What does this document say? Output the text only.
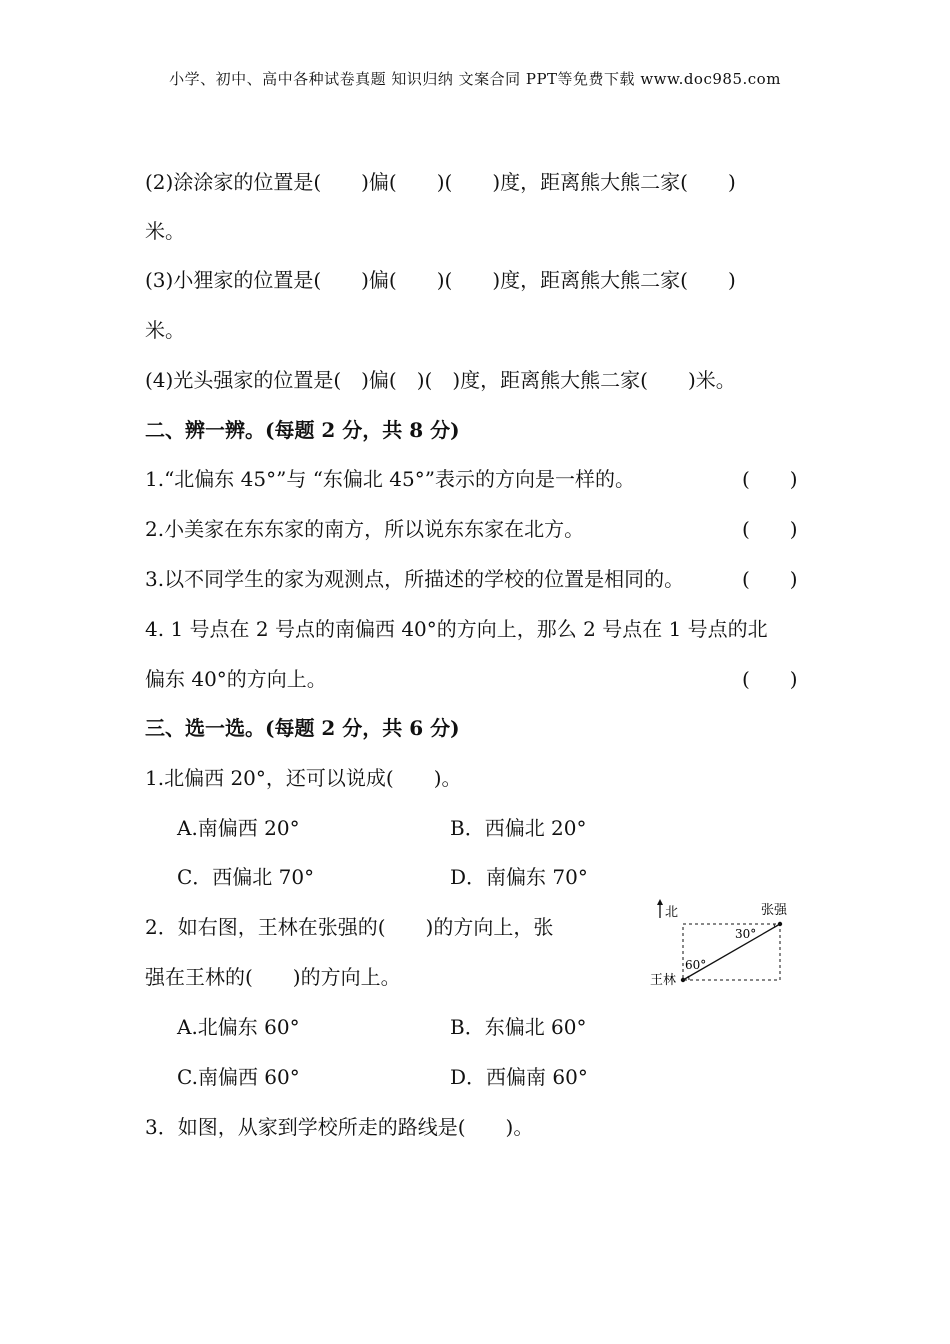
小学、初中、高中各种试卷真题 知识归纳 文案合同 PPT等免费下载 www.doc985.com
(2)涂涂家的位置是(　　)偏(　　)(　　)度，距离熊大熊二家(　　)
米。
(3)小狸家的位置是(　　)偏(　　)(　　)度，距离熊大熊二家(　　)
米。
(4)光头强家的位置是(　)偏(　)(　)度，距离熊大熊二家(　　)米。
二、辨一辨。(每题 2 分，共 8 分)
1.“北偏东 45°”与 “东偏北 45°”表示的方向是一样的。	(　　)
2.小美家在东东家的南方，所以说东东家在北方。	(　　)
3.以不同学生的家为观测点，所描述的学校的位置是相同的。	(　　)
4. 1 号点在 2 号点的南偏西 40°的方向上，那么 2 号点在 1 号点的北
偏东 40°的方向上。	(　　)
三、选一选。(每题 2 分，共 6 分)
1.北偏西 20°，还可以说成(　　)。
A.南偏西 20°	B．西偏北 20°
C．西偏北 70°	D．南偏东 70°
2．如右图，王林在张强的(　　)的方向上，张
强在王林的(　　)的方向上。
A.北偏东 60°	B．东偏北 60°
C.南偏西 60°	D．西偏南 60°
北	张强
30°
60°
王林
3．如图，从家到学校所走的路线是(　　)。
